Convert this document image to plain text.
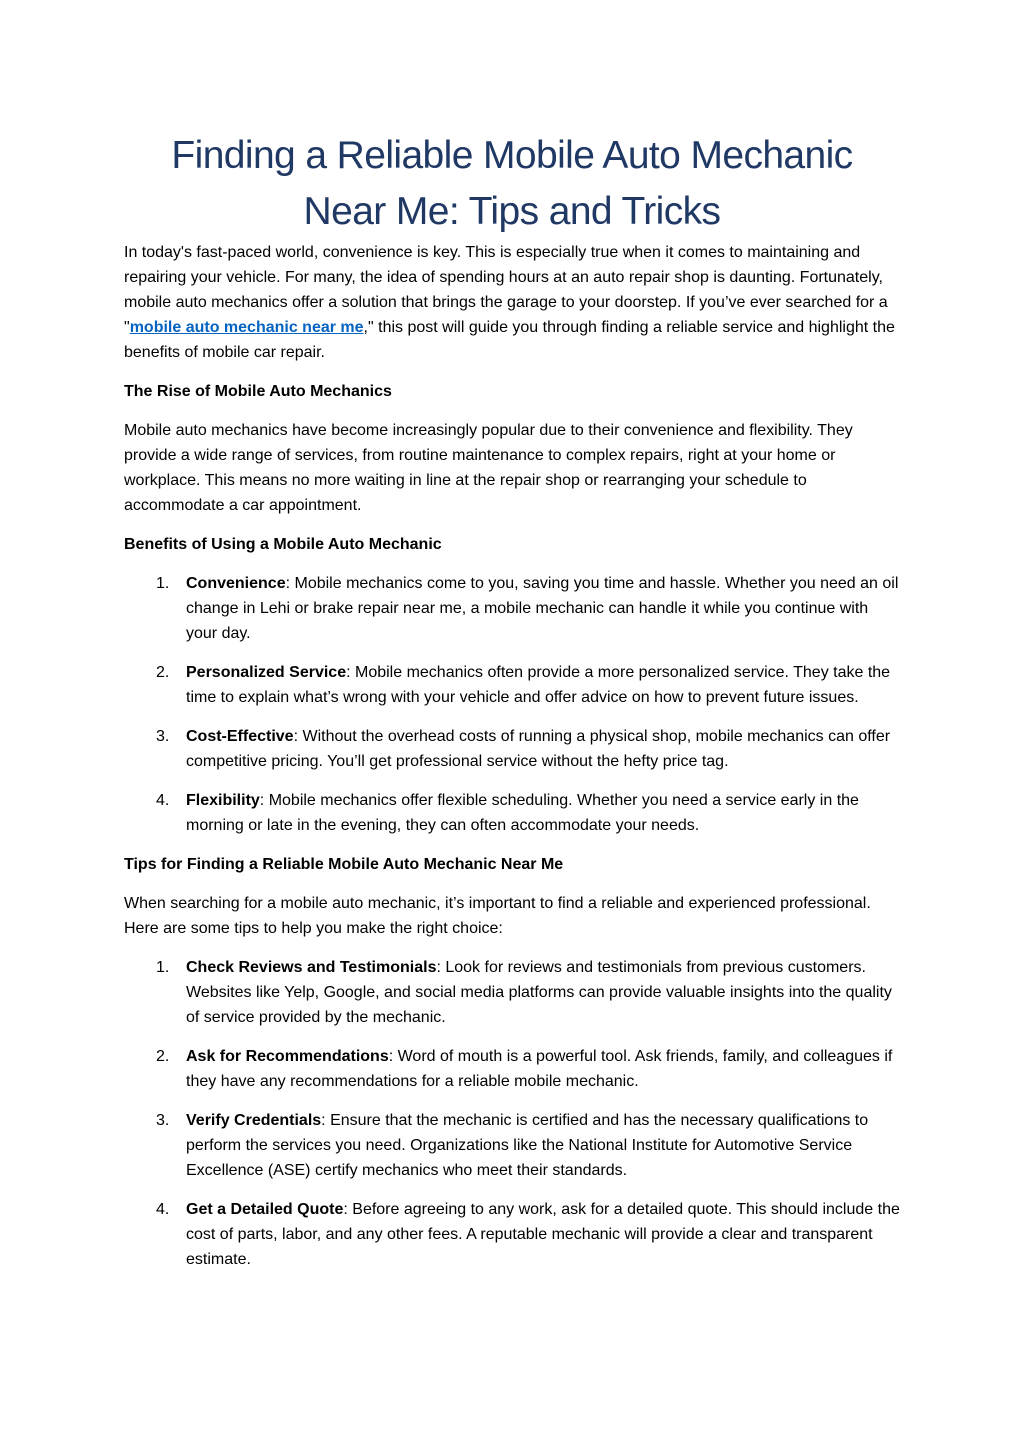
Finding a Reliable Mobile Auto Mechanic
Near Me: Tips and Tricks

In today's fast-paced world, convenience is key. This is especially true when it comes to maintaining and repairing your vehicle. For many, the idea of spending hours at an auto repair shop is daunting. Fortunately, mobile auto mechanics offer a solution that brings the garage to your doorstep. If you’ve ever searched for a "mobile auto mechanic near me," this post will guide you through finding a reliable service and highlight the benefits of mobile car repair.

The Rise of Mobile Auto Mechanics

Mobile auto mechanics have become increasingly popular due to their convenience and flexibility. They provide a wide range of services, from routine maintenance to complex repairs, right at your home or workplace. This means no more waiting in line at the repair shop or rearranging your schedule to accommodate a car appointment.

Benefits of Using a Mobile Auto Mechanic
1. Convenience: Mobile mechanics come to you, saving you time and hassle. Whether you need an oil change in Lehi or brake repair near me, a mobile mechanic can handle it while you continue with your day.
2. Personalized Service: Mobile mechanics often provide a more personalized service. They take the time to explain what’s wrong with your vehicle and offer advice on how to prevent future issues.
3. Cost-Effective: Without the overhead costs of running a physical shop, mobile mechanics can offer competitive pricing. You’ll get professional service without the hefty price tag.
4. Flexibility: Mobile mechanics offer flexible scheduling. Whether you need a service early in the morning or late in the evening, they can often accommodate your needs.
Tips for Finding a Reliable Mobile Auto Mechanic Near Me

When searching for a mobile auto mechanic, it’s important to find a reliable and experienced professional. Here are some tips to help you make the right choice:

1. Check Reviews and Testimonials: Look for reviews and testimonials from previous customers. Websites like Yelp, Google, and social media platforms can provide valuable insights into the quality of service provided by the mechanic.
2. Ask for Recommendations: Word of mouth is a powerful tool. Ask friends, family, and colleagues if they have any recommendations for a reliable mobile mechanic.
3. Verify Credentials: Ensure that the mechanic is certified and has the necessary qualifications to perform the services you need. Organizations like the National Institute for Automotive Service Excellence (ASE) certify mechanics who meet their standards.
4. Get a Detailed Quote: Before agreeing to any work, ask for a detailed quote. This should include the cost of parts, labor, and any other fees. A reputable mechanic will provide a clear and transparent estimate.
